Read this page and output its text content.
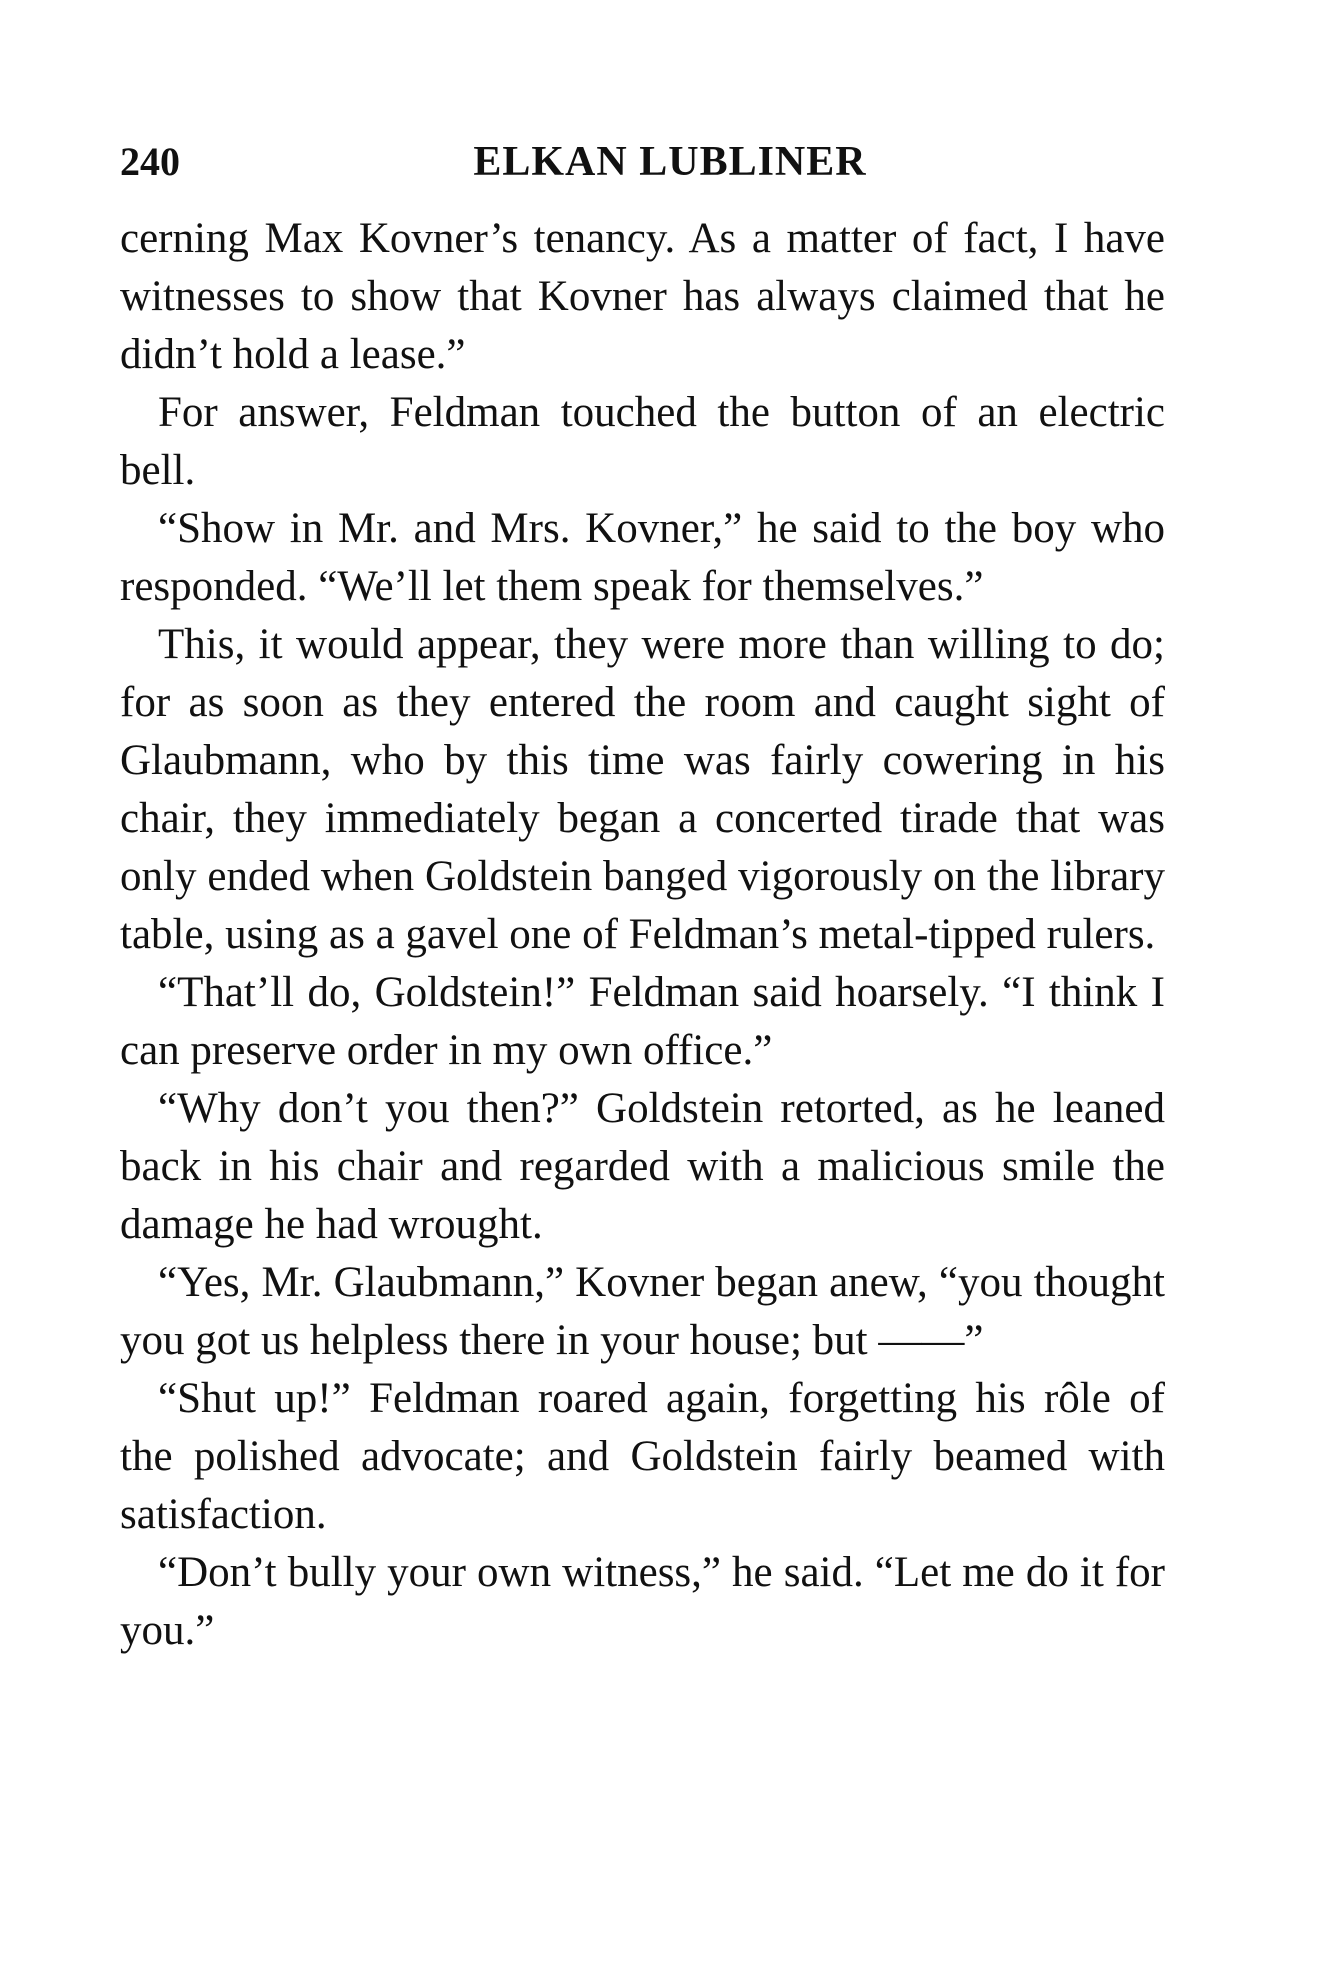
240	ELKAN LUBLINER

cerning Max Kovner’s tenancy. As a matter of fact, I have witnesses to show that Kovner has always claimed that he didn’t hold a lease.”

For answer, Feldman touched the button of an electric bell.

“Show in Mr. and Mrs. Kovner,” he said to the boy who responded. “We’ll let them speak for themselves.”

This, it would appear, they were more than willing to do; for as soon as they entered the room and caught sight of Glaubmann, who by this time was fairly cowering in his chair, they immediately began a concerted tirade that was only ended when Goldstein banged vigorously on the library table, using as a gavel one of Feldman’s metal-tipped rulers.

“That’ll do, Goldstein!” Feldman said hoarsely. “I think I can preserve order in my own office.”

“Why don’t you then?” Goldstein retorted, as he leaned back in his chair and regarded with a malicious smile the damage he had wrought.

“Yes, Mr. Glaubmann,” Kovner began anew, “you thought you got us helpless there in your house; but ——”

“Shut up!” Feldman roared again, forgetting his rôle of the polished advocate; and Goldstein fairly beamed with satisfaction.

“Don’t bully your own witness,” he said. “Let me do it for you.”
